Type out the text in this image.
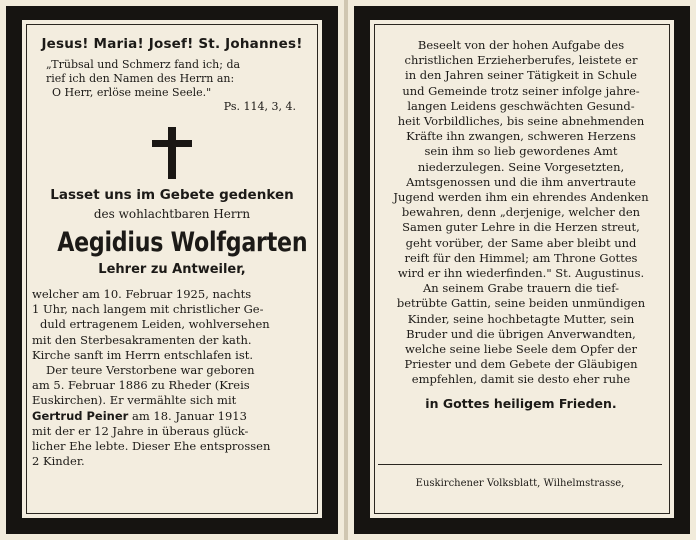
Jesus! Maria! Josef! St. Johannes!
„Trübsal und Schmerz fand ich; da
rief ich den Namen des Herrn an:
O Herr, erlöse meine Seele."
Ps. 114, 3, 4.
Lasset uns im Gebete gedenken
des wohlachtbaren Herrn
Aegidius Wolfgarten
Lehrer zu Antweiler,
welcher am 10. Februar 1925, nachts
1 Uhr, nach langem mit christlicher Ge-
duld ertragenem Leiden, wohlversehen
mit den Sterbesakramenten der kath.
Kirche sanft im Herrn entschlafen ist.
Der teure Verstorbene war geboren
am 5. Februar 1886 zu Rheder (Kreis
Euskirchen). Er vermählte sich mit
Gertrud Peiner am 18. Januar 1913
mit der er 12 Jahre in überaus glück-
licher Ehe lebte. Dieser Ehe entsprossen
2 Kinder.
Beseelt von der hohen Aufgabe des
christlichen Erzieherberufes, leistete er
in den Jahren seiner Tätigkeit in Schule
und Gemeinde trotz seiner infolge jahre-
langen Leidens geschwächten Gesund-
heit Vorbildliches, bis seine abnehmenden
Kräfte ihn zwangen, schweren Herzens
sein ihm so lieb gewordenes Amt
niederzulegen. Seine Vorgesetzten,
Amtsgenossen und die ihm anvertraute
Jugend werden ihm ein ehrendes Andenken
bewahren, denn „derjenige, welcher den
Samen guter Lehre in die Herzen streut,
geht vorüber, der Same aber bleibt und
reift für den Himmel; am Throne Gottes
wird er ihn wiederfinden." St. Augustinus.
An seinem Grabe trauern die tief-
betrübte Gattin, seine beiden unmündigen
Kinder, seine hochbetagte Mutter, sein
Bruder und die übrigen Anverwandten,
welche seine liebe Seele dem Opfer der
Priester und dem Gebete der Gläubigen
empfehlen, damit sie desto eher ruhe
in Gottes heiligem Frieden.
Euskirchener Volksblatt, Wilhelmstrasse,
